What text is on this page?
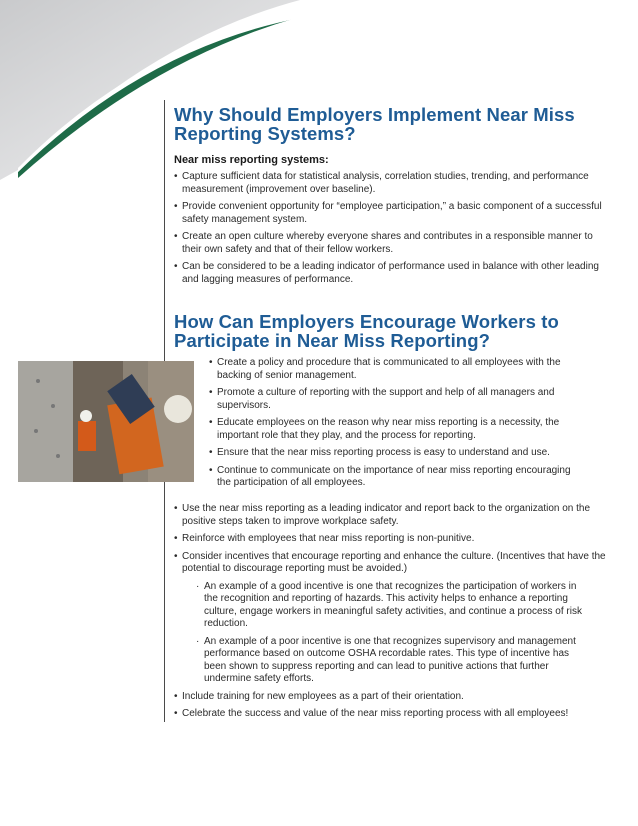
Why Should Employers Implement Near Miss Reporting Systems?

Near miss reporting systems:

• Capture sufficient data for statistical analysis, correlation studies, trending, and performance measurement (improvement over baseline).
• Provide convenient opportunity for “employee participation,” a basic component of a successful safety management system.
• Create an open culture whereby everyone shares and contributes in a responsible manner to their own safety and that of their fellow workers.
• Can be considered to be a leading indicator of performance used in balance with other leading and lagging measures of performance.
How Can Employers Encourage Workers to Participate in Near Miss Reporting?
• Create a policy and procedure that is communicated to all employees with the backing of senior management.
• Promote a culture of reporting with the support and help of all managers and supervisors.
• Educate employees on the reason why near miss reporting is a necessity, the important role that they play, and the process for reporting.
• Ensure that the near miss reporting process is easy to understand and use.
• Continue to communicate on the importance of near miss reporting encouraging the participation of all employees.
• Use the near miss reporting as a leading indicator and report back to the organization on the positive steps taken to improve workplace safety.
• Reinforce with employees that near miss reporting is non-punitive.
• Consider incentives that encourage reporting and enhance the culture. (Incentives that have the potential to discourage reporting must be avoided.)
· An example of a good incentive is one that recognizes the participation of workers in the recognition and reporting of hazards. This activity helps to enhance a reporting culture, engage workers in meaningful safety activities, and continue a process of risk reduction.
· An example of a poor incentive is one that recognizes supervisory and management performance based on outcome OSHA recordable rates. This type of incentive has been shown to suppress reporting and can lead to punitive actions that further undermine safety efforts.
• Include training for new employees as a part of their orientation.
• Celebrate the success and value of the near miss reporting process with all employees!
